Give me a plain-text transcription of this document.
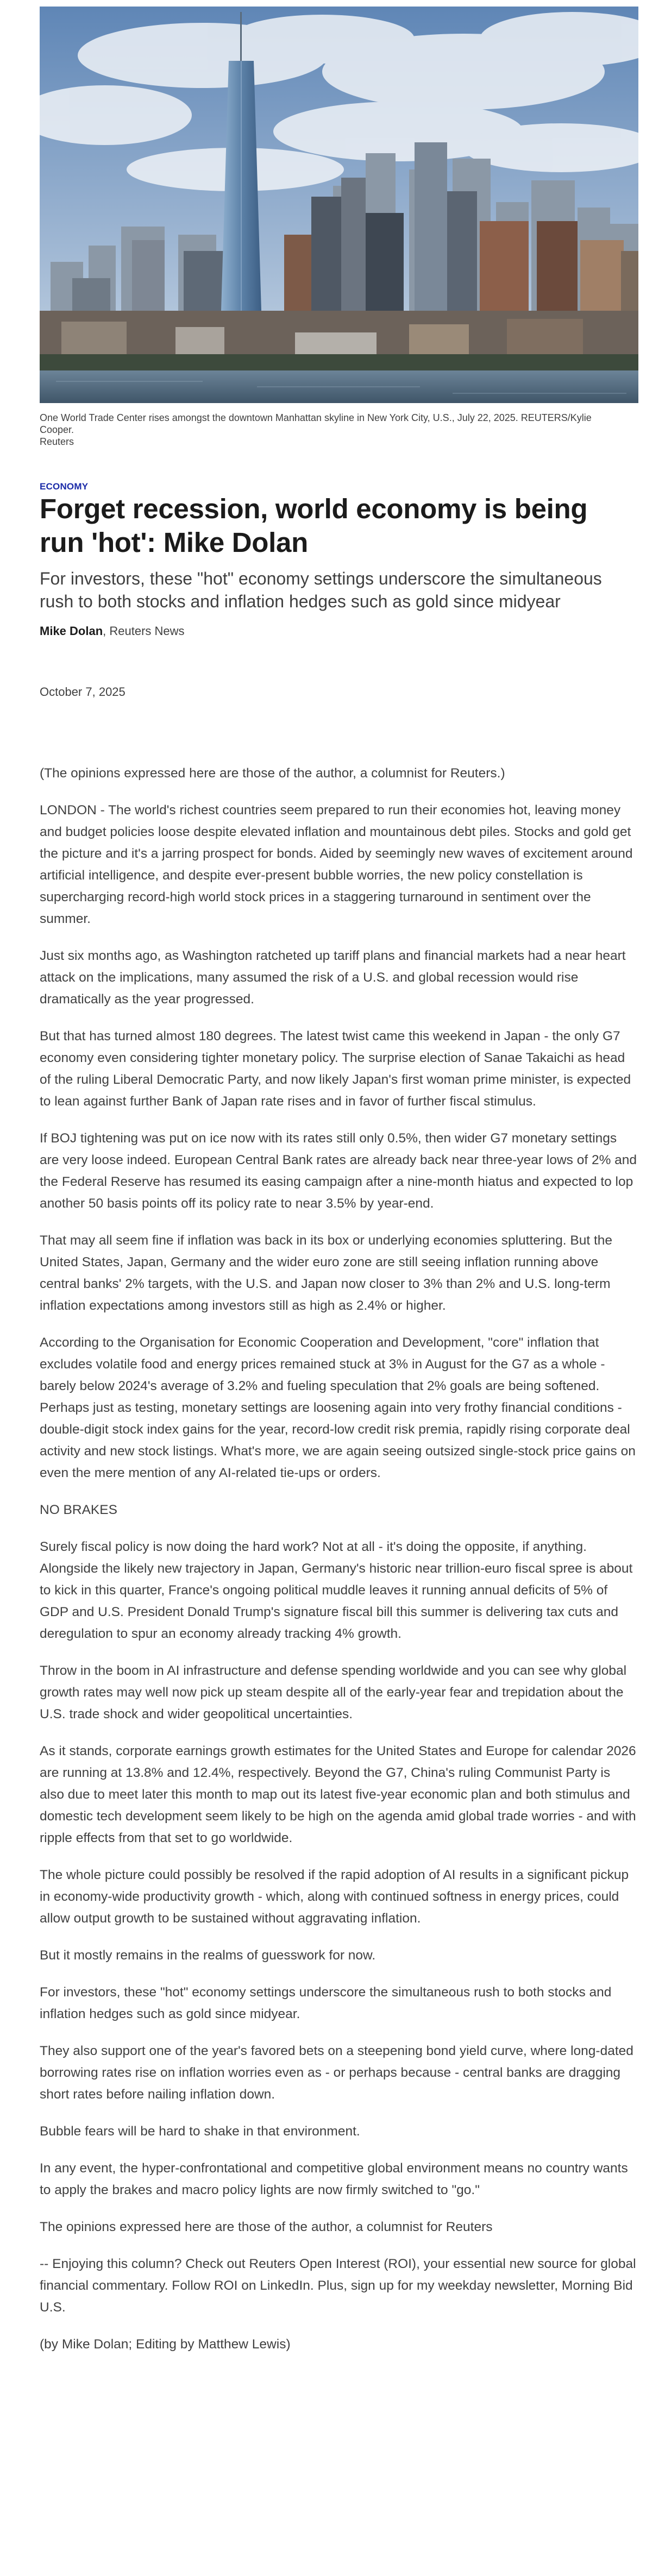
One World Trade Center rises amongst the downtown Manhattan skyline in New York City, U.S., July 22, 2025. REUTERS/Kylie

Cooper.

Reuters

ECONOMY
Forget recession, world economy is being run 'hot': Mike Dolan

For investors, these "hot" economy settings underscore the simultaneous rush to both stocks and inflation hedges such as gold since midyear

Mike Dolan, Reuters News
October 7, 2025

(The opinions expressed here are those of the author, a columnist for Reuters.)

LONDON - The world's richest countries seem prepared to run their economies hot, leaving money and budget policies loose despite elevated inflation and mountainous debt piles. Stocks and gold get the picture and it's a jarring prospect for bonds. Aided by seemingly new waves of excitement around artificial intelligence, and despite ever-present bubble worries, the new policy constellation is supercharging record-high world stock prices in a staggering turnaround in sentiment over the summer.

Just six months ago, as Washington ratcheted up tariff plans and financial markets had a near heart attack on the implications, many assumed the risk of a U.S. and global recession would rise dramatically as the year progressed.

But that has turned almost 180 degrees. The latest twist came this weekend in Japan - the only G7 economy even considering tighter monetary policy. The surprise election of Sanae Takaichi as head of the ruling Liberal Democratic Party, and now likely Japan's first woman prime minister, is expected to lean against further Bank of Japan rate rises and in favor of further fiscal stimulus.

If BOJ tightening was put on ice now with its rates still only 0.5%, then wider G7 monetary settings are very loose indeed. European Central Bank rates are already back near three-year lows of 2% and the Federal Reserve has resumed its easing campaign after a nine-month hiatus and expected to lop another 50 basis points off its policy rate to near 3.5% by year-end.

That may all seem fine if inflation was back in its box or underlying economies spluttering. But the United States, Japan, Germany and the wider euro zone are still seeing inflation running above central banks' 2% targets, with the U.S. and Japan now closer to 3% than 2% and U.S. long-term inflation expectations among investors still as high as 2.4% or higher.

According to the Organisation for Economic Cooperation and Development, "core" inflation that excludes volatile food and energy prices remained stuck at 3% in August for the G7 as a whole - barely below 2024's average of 3.2% and fueling speculation that 2% goals are being softened. Perhaps just as testing, monetary settings are loosening again into very frothy financial conditions - double-digit stock index gains for the year, record-low credit risk premia, rapidly rising corporate deal activity and new stock listings. What's more, we are again seeing outsized single-stock price gains on even the mere mention of any AI-related tie-ups or orders.

NO BRAKES

Surely fiscal policy is now doing the hard work? Not at all - it's doing the opposite, if anything. Alongside the likely new trajectory in Japan, Germany's historic near trillion-euro fiscal spree is about to kick in this quarter, France's ongoing political muddle leaves it running annual deficits of 5% of GDP and U.S. President Donald Trump's signature fiscal bill this summer is delivering tax cuts and deregulation to spur an economy already tracking 4% growth.

Throw in the boom in AI infrastructure and defense spending worldwide and you can see why global growth rates may well now pick up steam despite all of the early-year fear and trepidation about the U.S. trade shock and wider geopolitical uncertainties.

As it stands, corporate earnings growth estimates for the United States and Europe for calendar 2026 are running at 13.8% and 12.4%, respectively. Beyond the G7, China's ruling Communist Party is also due to meet later this month to map out its latest five-year economic plan and both stimulus and domestic tech development seem likely to be high on the agenda amid global trade worries - and with ripple effects from that set to go worldwide.

The whole picture could possibly be resolved if the rapid adoption of AI results in a significant pickup in economy-wide productivity growth - which, along with continued softness in energy prices, could allow output growth to be sustained without aggravating inflation.

But it mostly remains in the realms of guesswork for now.

For investors, these "hot" economy settings underscore the simultaneous rush to both stocks and inflation hedges such as gold since midyear.

They also support one of the year's favored bets on a steepening bond yield curve, where long-dated borrowing rates rise on inflation worries even as - or perhaps because - central banks are dragging short rates before nailing inflation down.

Bubble fears will be hard to shake in that environment.

In any event, the hyper-confrontational and competitive global environment means no country wants to apply the brakes and macro policy lights are now firmly switched to "go."

The opinions expressed here are those of the author, a columnist for Reuters

-- Enjoying this column? Check out Reuters Open Interest (ROI), your essential new source for global financial commentary. Follow ROI on LinkedIn. Plus, sign up for my weekday newsletter, Morning Bid U.S.

(by Mike Dolan; Editing by Matthew Lewis)
